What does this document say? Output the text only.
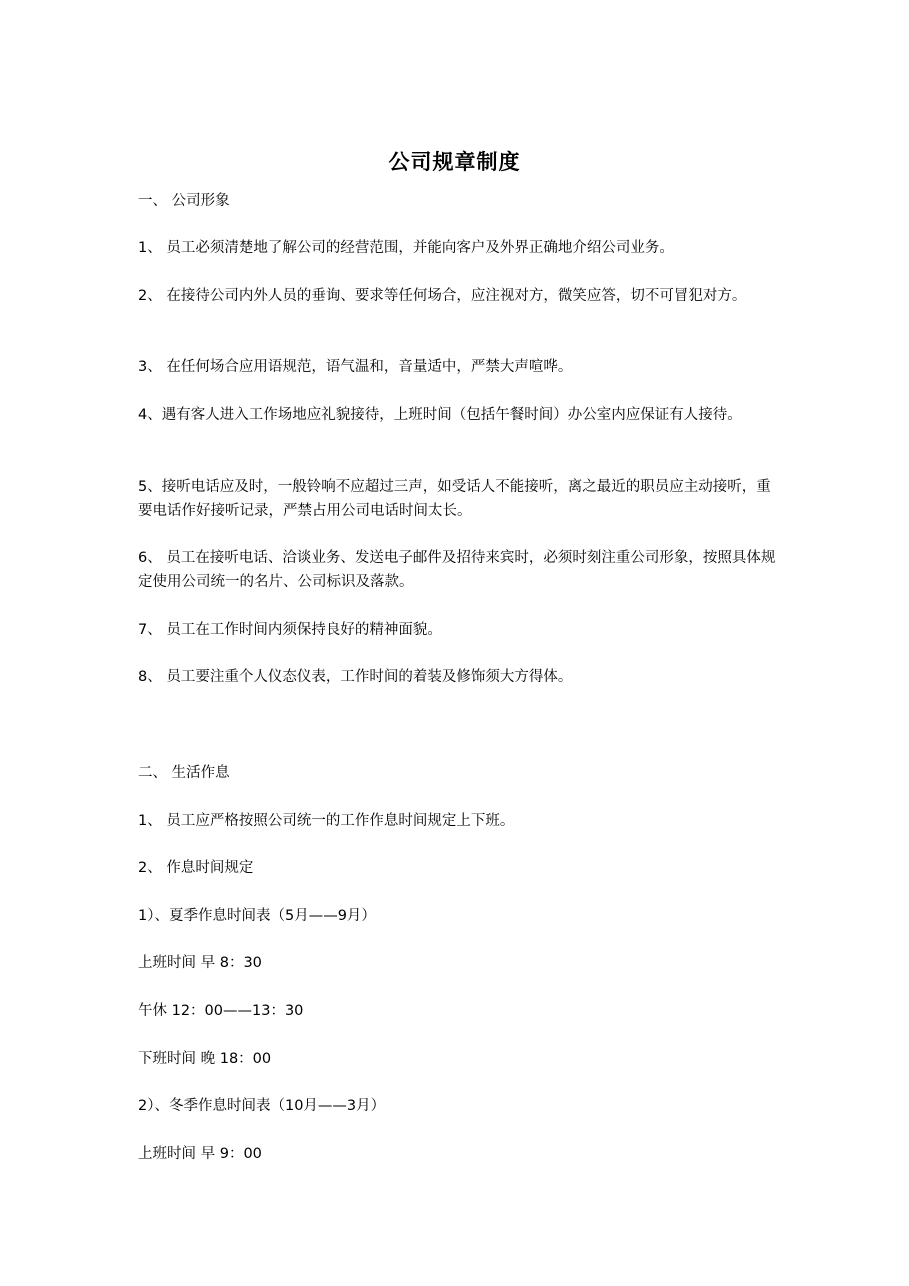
公司规章制度
一、 公司形象
1、 员工必须清楚地了解公司的经营范围，并能向客户及外界正确地介绍公司业务。
2、 在接待公司内外人员的垂询、要求等任何场合，应注视对方，微笑应答，切不可冒犯对方。
3、 在任何场合应用语规范，语气温和，音量适中，严禁大声喧哗。
4、遇有客人进入工作场地应礼貌接待，上班时间（包括午餐时间）办公室内应保证有人接待。
5、接听电话应及时，一般铃响不应超过三声，如受话人不能接听，离之最近的职员应主动接听，重要电话作好接听记录，严禁占用公司电话时间太长。
6、 员工在接听电话、洽谈业务、发送电子邮件及招待来宾时，必须时刻注重公司形象，按照具体规定使用公司统一的名片、公司标识及落款。
7、 员工在工作时间内须保持良好的精神面貌。
8、 员工要注重个人仪态仪表，工作时间的着装及修饰须大方得体。
二、 生活作息
1、 员工应严格按照公司统一的工作作息时间规定上下班。
2、 作息时间规定
1）、夏季作息时间表（5月——9月）
上班时间 早 8：30
午休 12：00——13：30
下班时间 晚 18：00
2）、冬季作息时间表（10月——3月）
上班时间 早 9：00
